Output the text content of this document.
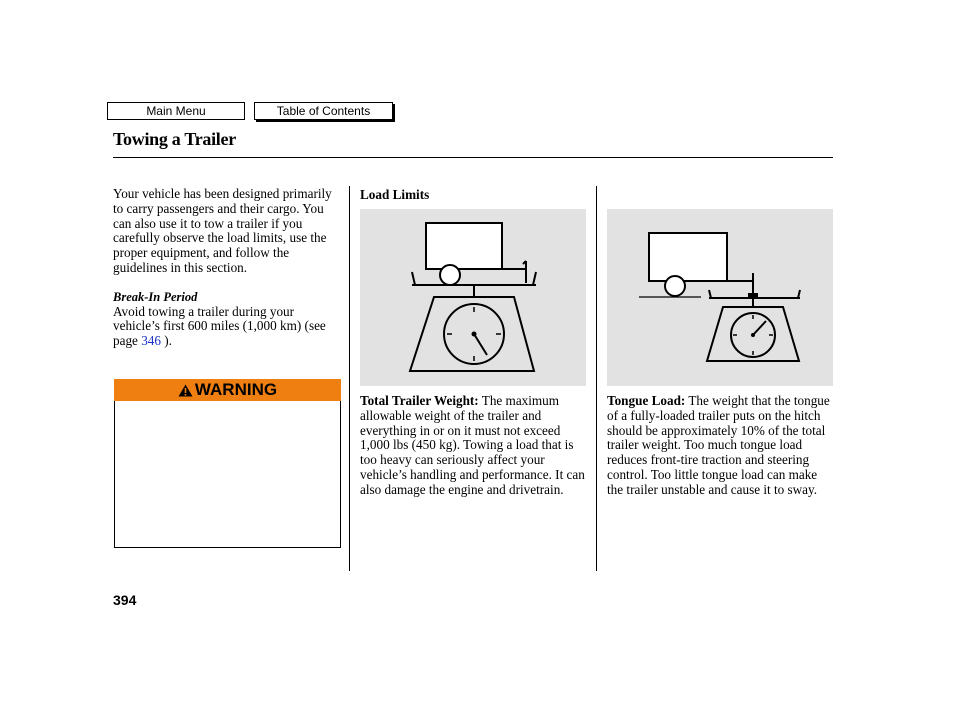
Main Menu	Table of Contents
Towing a Trailer
Your vehicle has been designed primarily to carry passengers and their cargo. You can also use it to tow a trailer if you carefully observe the load limits, use the proper equipment, and follow the guidelines in this section.
Break-In Period
Avoid towing a trailer during your vehicle’s first 600 miles (1,000 km) (see page 346 ).
WARNING
Load Limits
Total Trailer Weight: The maximum allowable weight of the trailer and everything in or on it must not exceed 1,000 lbs (450 kg). Towing a load that is too heavy can seriously affect your vehicle’s handling and performance. It can also damage the engine and drivetrain.
Tongue Load: The weight that the tongue of a fully-loaded trailer puts on the hitch should be approximately 10% of the total trailer weight. Too much tongue load reduces front-tire traction and steering control. Too little tongue load can make the trailer unstable and cause it to sway.
394
